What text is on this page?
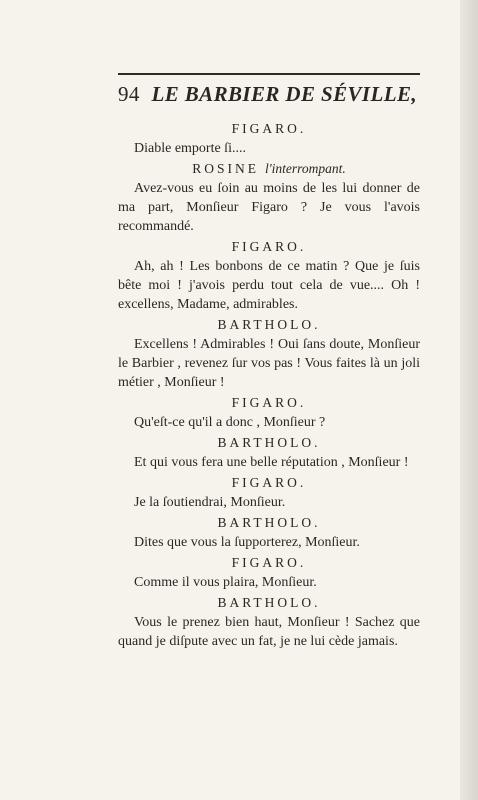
94 LE BARBIER DE SÉVILLE,
FIGARO.
Diable emporte ſi....
ROSINE l'interrompant.
Avez-vous eu ſoin au moins de les lui donner de ma part, Monſieur Figaro ? Je vous l'avois recommandé.
FIGARO.
Ah, ah ! Les bonbons de ce matin ? Que je ſuis bête moi ! j'avois perdu tout cela de vue.... Oh ! excellens, Madame, admirables.
BARTHOLO.
Excellens ! Admirables ! Oui ſans doute, Monſieur le Barbier , revenez ſur vos pas ! Vous faites là un joli métier , Monſieur !
FIGARO.
Qu'eſt-ce qu'il a donc , Monſieur ?
BARTHOLO.
Et qui vous fera une belle réputation , Monſieur !
FIGARO.
Je la ſoutiendrai, Monſieur.
BARTHOLO.
Dites que vous la ſupporterez, Monſieur.
FIGARO.
Comme il vous plaira, Monſieur.
BARTHOLO.
Vous le prenez bien haut, Monſieur ! Sachez que quand je diſpute avec un fat, je ne lui cède jamais.
